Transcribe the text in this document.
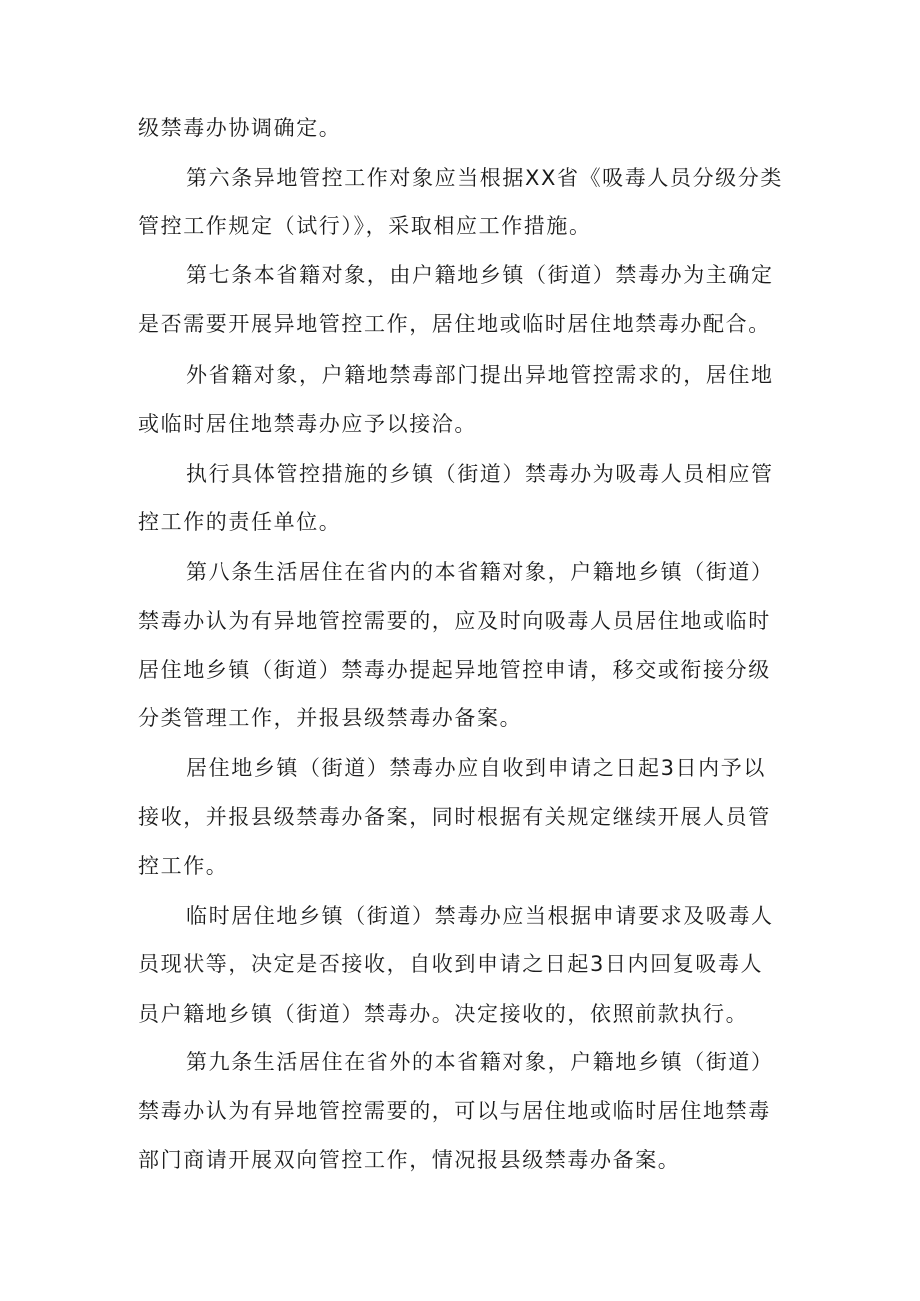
级禁毒办协调确定。
第六条异地管控工作对象应当根据XX省《吸毒人员分级分类
管控工作规定（试行）》，采取相应工作措施。
第七条本省籍对象，由户籍地乡镇（街道）禁毒办为主确定
是否需要开展异地管控工作，居住地或临时居住地禁毒办配合。
外省籍对象，户籍地禁毒部门提出异地管控需求的，居住地
或临时居住地禁毒办应予以接洽。
执行具体管控措施的乡镇（街道）禁毒办为吸毒人员相应管
控工作的责任单位。
第八条生活居住在省内的本省籍对象，户籍地乡镇（街道）
禁毒办认为有异地管控需要的，应及时向吸毒人员居住地或临时
居住地乡镇（街道）禁毒办提起异地管控申请，移交或衔接分级
分类管理工作，并报县级禁毒办备案。
居住地乡镇（街道）禁毒办应自收到申请之日起3日内予以
接收，并报县级禁毒办备案，同时根据有关规定继续开展人员管
控工作。
临时居住地乡镇（街道）禁毒办应当根据申请要求及吸毒人
员现状等，决定是否接收，自收到申请之日起3日内回复吸毒人
员户籍地乡镇（街道）禁毒办。决定接收的，依照前款执行。
第九条生活居住在省外的本省籍对象，户籍地乡镇（街道）
禁毒办认为有异地管控需要的，可以与居住地或临时居住地禁毒
部门商请开展双向管控工作，情况报县级禁毒办备案。
